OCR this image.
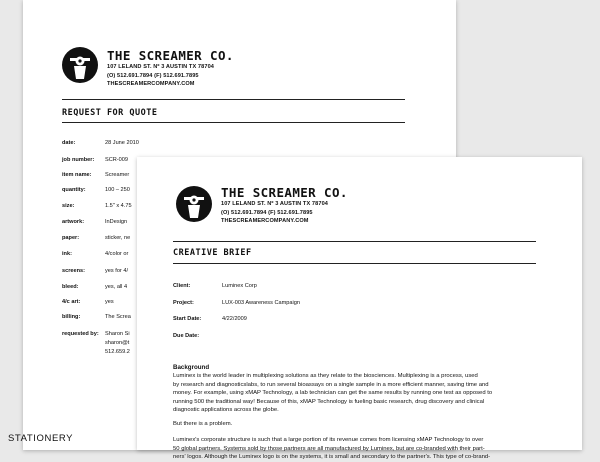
THE SCREAMER CO.
107 LELAND ST. Nº 3 AUSTIN TX 78704
(O) 512.691.7894 (F) 512.691.7895
THESCREAMERCOMPANY.COM
REQUEST FOR QUOTE
date:	28 June 2010
job number: SCR-009
item name: Screamer
quantity:	100 – 250
size:	1.5" x 4.75
artwork:	InDesign
paper:	sticker, ne
ink:	4/color or
screens:	yes for 4/
bleed:	yes, all 4
4/c art:	yes
billing:	The Screa
requested by: Sharon Si
sharon@t
512.659.2
THE SCREAMER CO.
107 LELAND ST. Nº 3 AUSTIN TX 78704
(O) 512.691.7894 (F) 512.691.7895
THESCREAMERCOMPANY.COM
CREATIVE BRIEF
Client:	Luminex Corp
Project:	LUX-003 Awareness Campaign
Start Date:	4/22/2009
Due Date:
Background

Luminex is the world leader in multiplexing solutions as they relate to the biosciences. Multiplexing is a process, used

by research and diagnosticslabs, to run several bioassays on a single sample in a more efficient manner, saving time and

money. For example, using xMAP Technology, a lab technician can get the same results by running one test as opposed to

running 500 the traditional way! Because of this, xMAP Technology is fueling basic research, drug discovery and clinical

diagnostic applications across the globe.

But there is a problem.

Luminex's corporate structure is such that a large portion of its revenue comes from licensing xMAP Technology to over

50 global partners. Systems sold by those partners are all manufactured by Luminex, but are co-branded with their part-

ners' logos. Although the Luminex logo is on the systems, it is small and secondary to the partner's. This type of co-brand-

STATIONERY
